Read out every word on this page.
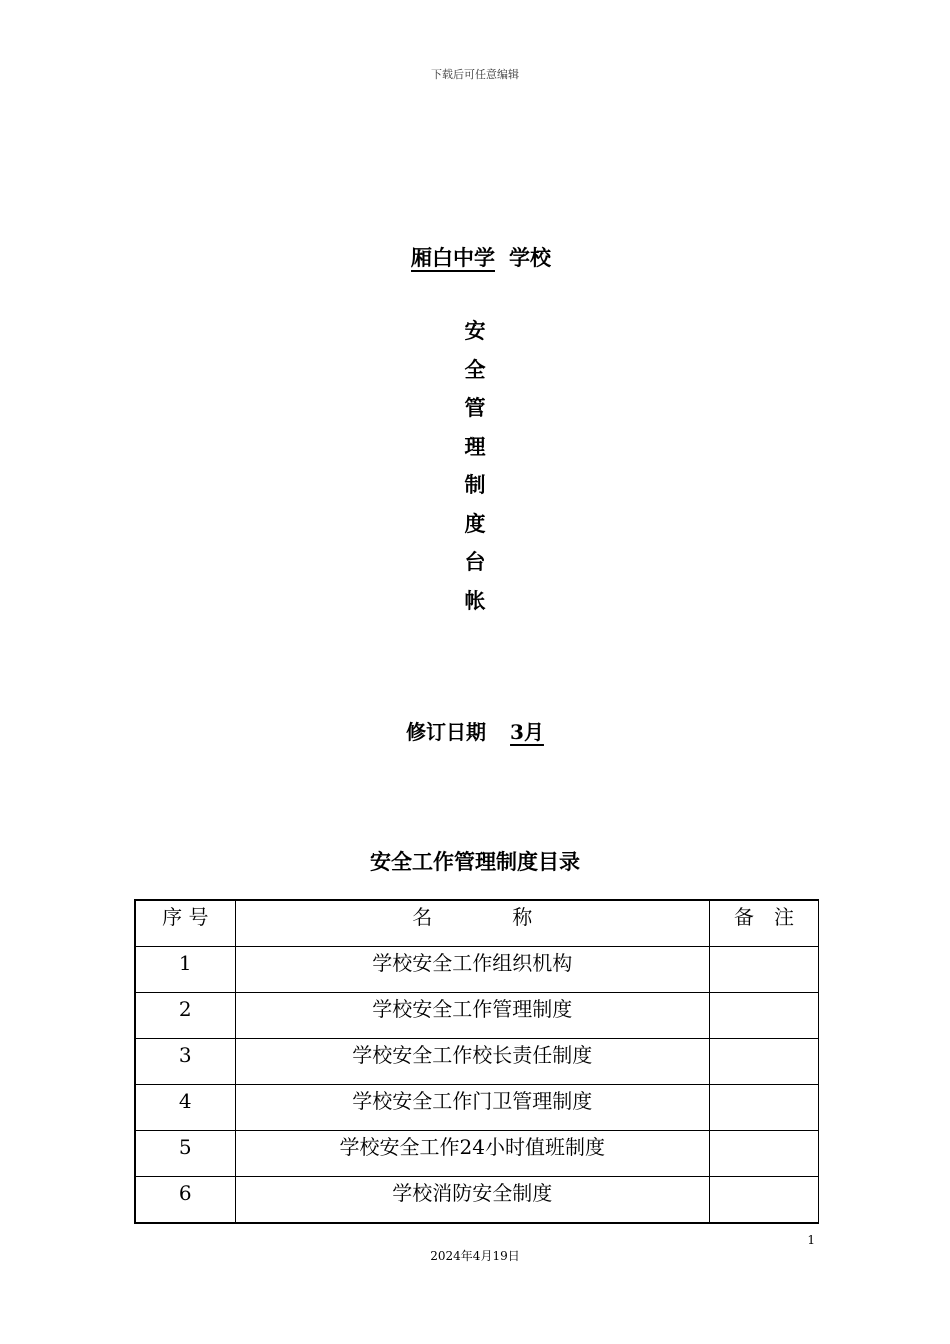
下载后可任意编辑
厢白中学 学校
安
全
管
理
制
度
台
帐
修订日期 3月
安全工作管理制度目录
序 号	名　　　　称	备　注
1	学校安全工作组织机构	
2	学校安全工作管理制度	
3	学校安全工作校长责任制度	
4	学校安全工作门卫管理制度	
5	学校安全工作24小时值班制度	
6	学校消防安全制度	
1
2024年4月19日
